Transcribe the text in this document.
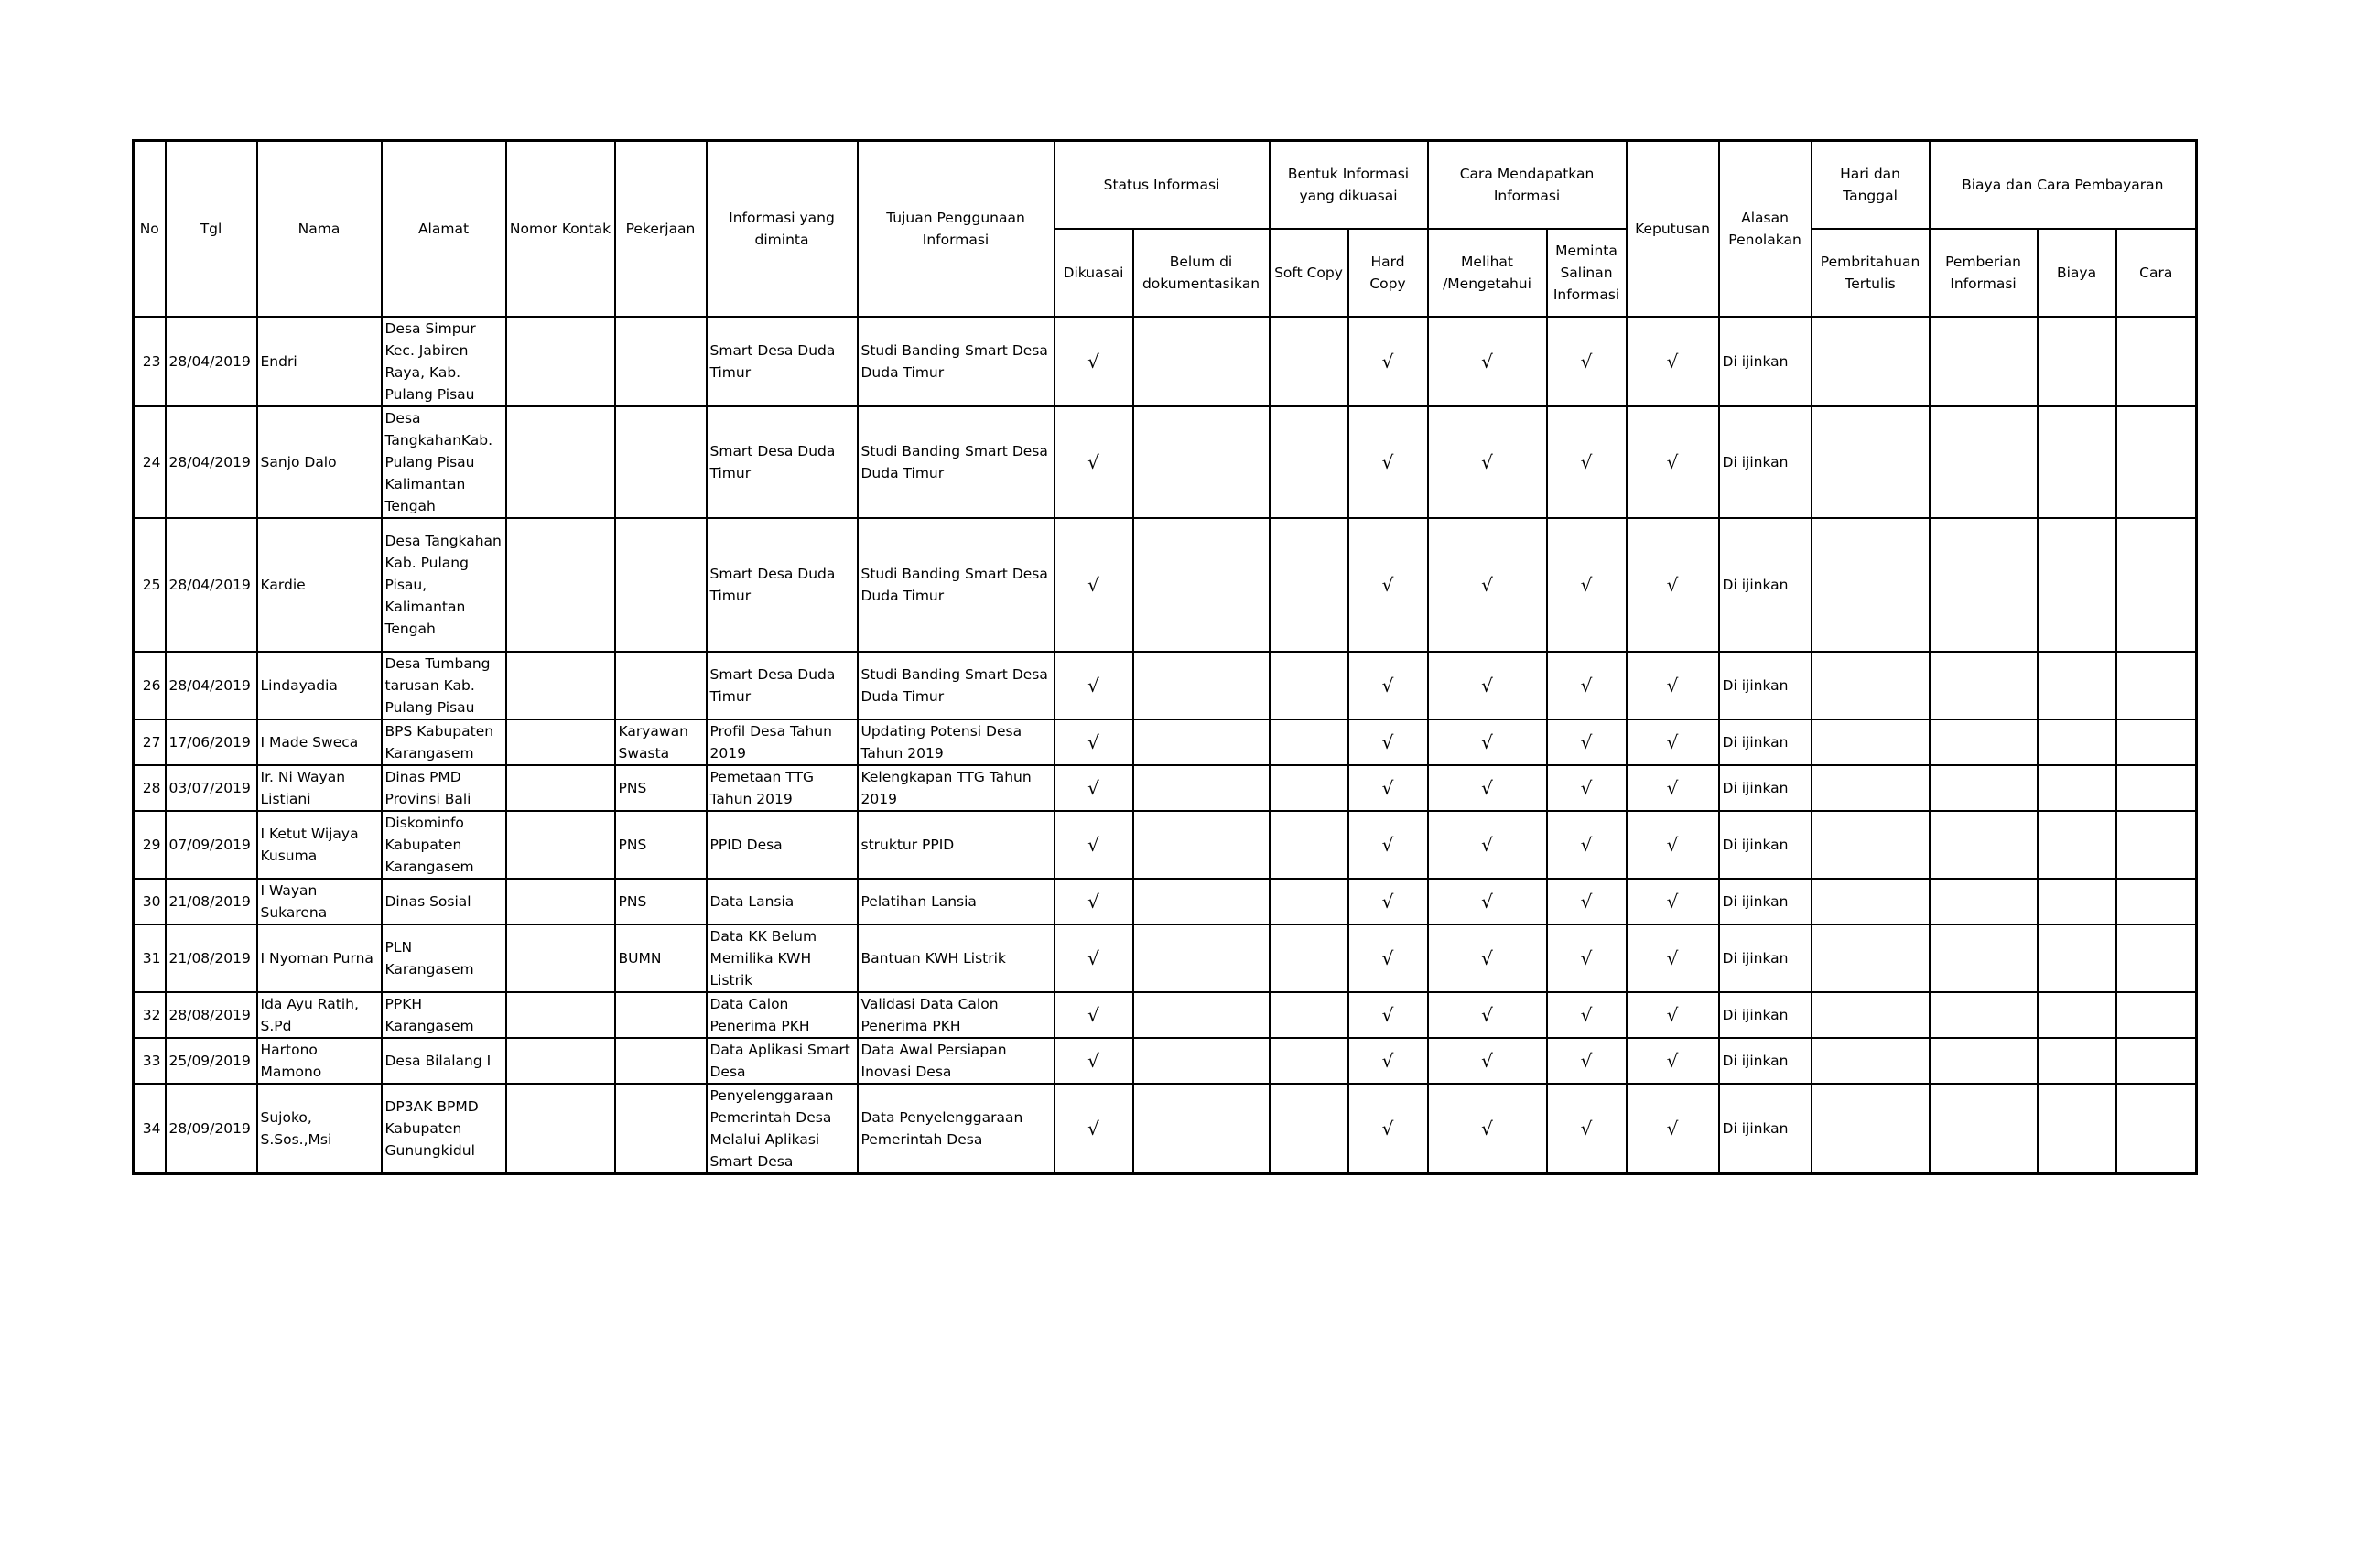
No	Tgl	Nama	Alamat	Nomor Kontak	Pekerjaan	Informasi yang diminta	Tujuan Penggunaan Informasi	Status Informasi		Bentuk Informasi yang dikuasai		Cara Mendapatkan Informasi		Keputusan	Alasan Penolakan	Hari dan Tanggal	Biaya dan Cara Pembayaran		
								Dikuasai	Belum di dokumentasikan	Soft Copy	Hard Copy	Melihat /Mengetahui	Meminta Salinan Informasi			Pembritahuan Tertulis	Pemberian Informasi	Biaya	Cara
23	28/04/2019	Endri	Desa Simpur Kec. Jabiren Raya, Kab. Pulang Pisau			Smart Desa Duda Timur	Studi Banding Smart Desa Duda Timur	√			√	√	√	√	Di ijinkan				
24	28/04/2019	Sanjo Dalo	Desa TangkahanKab. Pulang Pisau Kalimantan Tengah			Smart Desa Duda Timur	Studi Banding Smart Desa Duda Timur	√			√	√	√	√	Di ijinkan				
25	28/04/2019	Kardie	Desa Tangkahan Kab. Pulang Pisau, Kalimantan Tengah			Smart Desa Duda Timur	Studi Banding Smart Desa Duda Timur	√			√	√	√	√	Di ijinkan				
26	28/04/2019	Lindayadia	Desa Tumbang tarusan Kab. Pulang Pisau			Smart Desa Duda Timur	Studi Banding Smart Desa Duda Timur	√			√	√	√	√	Di ijinkan				
27	17/06/2019	I Made Sweca	BPS Kabupaten Karangasem		Karyawan Swasta	Profil Desa Tahun 2019	Updating Potensi Desa Tahun 2019	√			√	√	√	√	Di ijinkan				
28	03/07/2019	Ir. Ni Wayan Listiani	Dinas PMD Provinsi Bali		PNS	Pemetaan TTG Tahun 2019	Kelengkapan TTG Tahun 2019	√			√	√	√	√	Di ijinkan				
29	07/09/2019	I Ketut Wijaya Kusuma	Diskominfo Kabupaten Karangasem		PNS	PPID Desa	struktur PPID	√			√	√	√	√	Di ijinkan				
30	21/08/2019	I Wayan Sukarena	Dinas Sosial		PNS	Data Lansia	Pelatihan Lansia	√			√	√	√	√	Di ijinkan				
31	21/08/2019	I Nyoman Purna	PLN Karangasem		BUMN	Data KK Belum Memilika KWH Listrik	Bantuan KWH Listrik	√			√	√	√	√	Di ijinkan				
32	28/08/2019	Ida Ayu Ratih, S.Pd	PPKH Karangasem			Data Calon Penerima PKH	Validasi Data Calon Penerima PKH	√			√	√	√	√	Di ijinkan				
33	25/09/2019	Hartono Mamono	Desa Bilalang I			Data Aplikasi Smart Desa	Data Awal Persiapan Inovasi Desa	√			√	√	√	√	Di ijinkan				
34	28/09/2019	Sujoko, S.Sos.,Msi	DP3AK BPMD Kabupaten Gunungkidul			Penyelenggaraan Pemerintah Desa Melalui Aplikasi Smart Desa	Data Penyelenggaraan Pemerintah Desa	√			√	√	√	√	Di ijinkan				
